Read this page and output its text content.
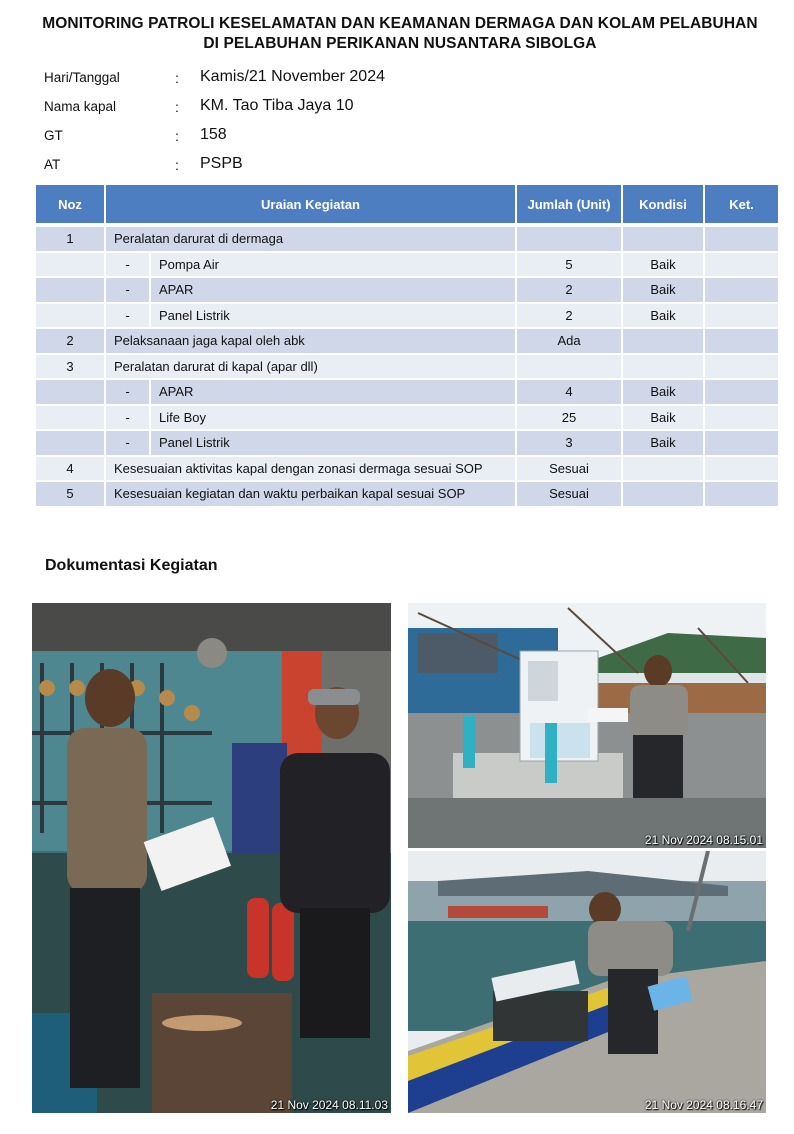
MONITORING PATROLI KESELAMATAN DAN KEAMANAN DERMAGA DAN KOLAM PELABUHAN
DI PELABUHAN PERIKANAN NUSANTARA SIBOLGA
Hari/Tanggal	: Kamis/21 November 2024
Nama kapal	: KM. Tao Tiba Jaya 10
GT	: 158
AT	: PSPB
Noz	Uraian Kegiatan		Jumlah (Unit)	Kondisi	Ket.
1	Peralatan darurat di dermaga				
	-	Pompa Air	5	Baik	
	-	APAR	2	Baik	
	-	Panel Listrik	2	Baik	
2	Pelaksanaan jaga kapal oleh abk		Ada		
3	Peralatan darurat di kapal (apar dll)				
	-	APAR	4	Baik	
	-	Life Boy	25	Baik	
	-	Panel Listrik	3	Baik	
4	Kesesuaian aktivitas kapal dengan zonasi dermaga sesuai SOP		Sesuai		
5	Kesesuaian kegiatan dan waktu perbaikan kapal sesuai SOP		Sesuai		
Dokumentasi Kegiatan
21 Nov 2024 08.11.03
21 Nov 2024 08.15.01
21 Nov 2024 08.16.47
